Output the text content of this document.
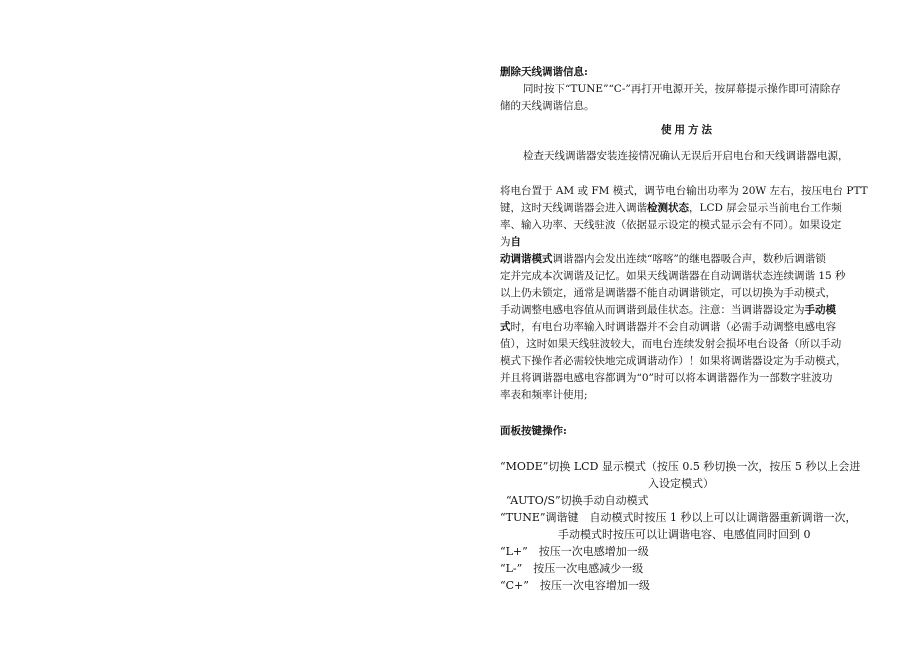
删除天线调谐信息:
同时按下“TUNE”“C-”再打开电源开关，按屏幕提示操作即可清除存
储的天线调谐信息。
使用方法
检查天线调谐器安装连接情况确认无误后开启电台和天线调谐器电源，
将电台置于 AM 或 FM 模式，调节电台输出功率为 20W 左右，按压电台 PTT
键，这时天线调谐器会进入调谐检测状态，LCD 屏会显示当前电台工作频
率、输入功率、天线驻波（依据显示设定的模式显示会有不同）。如果设定
为自
动调谐模式调谐器内会发出连续“喀喀”的继电器吸合声，数秒后调谐锁
定并完成本次调谐及记忆。如果天线调谐器在自动调谐状态连续调谐 15 秒
以上仍未锁定，通常是调谐器不能自动调谐锁定，可以切换为手动模式，
手动调整电感电容值从而调谐到最佳状态。注意：当调谐器设定为手动模
式时，有电台功率输入时调谐器并不会自动调谐（必需手动调整电感电容
值），这时如果天线驻波较大，而电台连续发射会损坏电台设备（所以手动
模式下操作者必需较快地完成调谐动作）！如果将调谐器设定为手动模式，
并且将调谐器电感电容都调为“0”时可以将本调谐器作为一部数字驻波功
率表和频率计使用;
面板按键操作:
“MODE”切换 LCD 显示模式（按压 0.5 秒切换一次，按压 5 秒以上会进
入设定模式）
“AUTO/S”切换手动自动模式
“TUNE”调谐键　自动模式时按压 1 秒以上可以让调谐器重新调谐一次，
手动模式时按压可以让调谐电容、电感值同时回到 0
“L+”　按压一次电感增加一级
“L-”　按压一次电感减少一级
“C+”　按压一次电容增加一级
